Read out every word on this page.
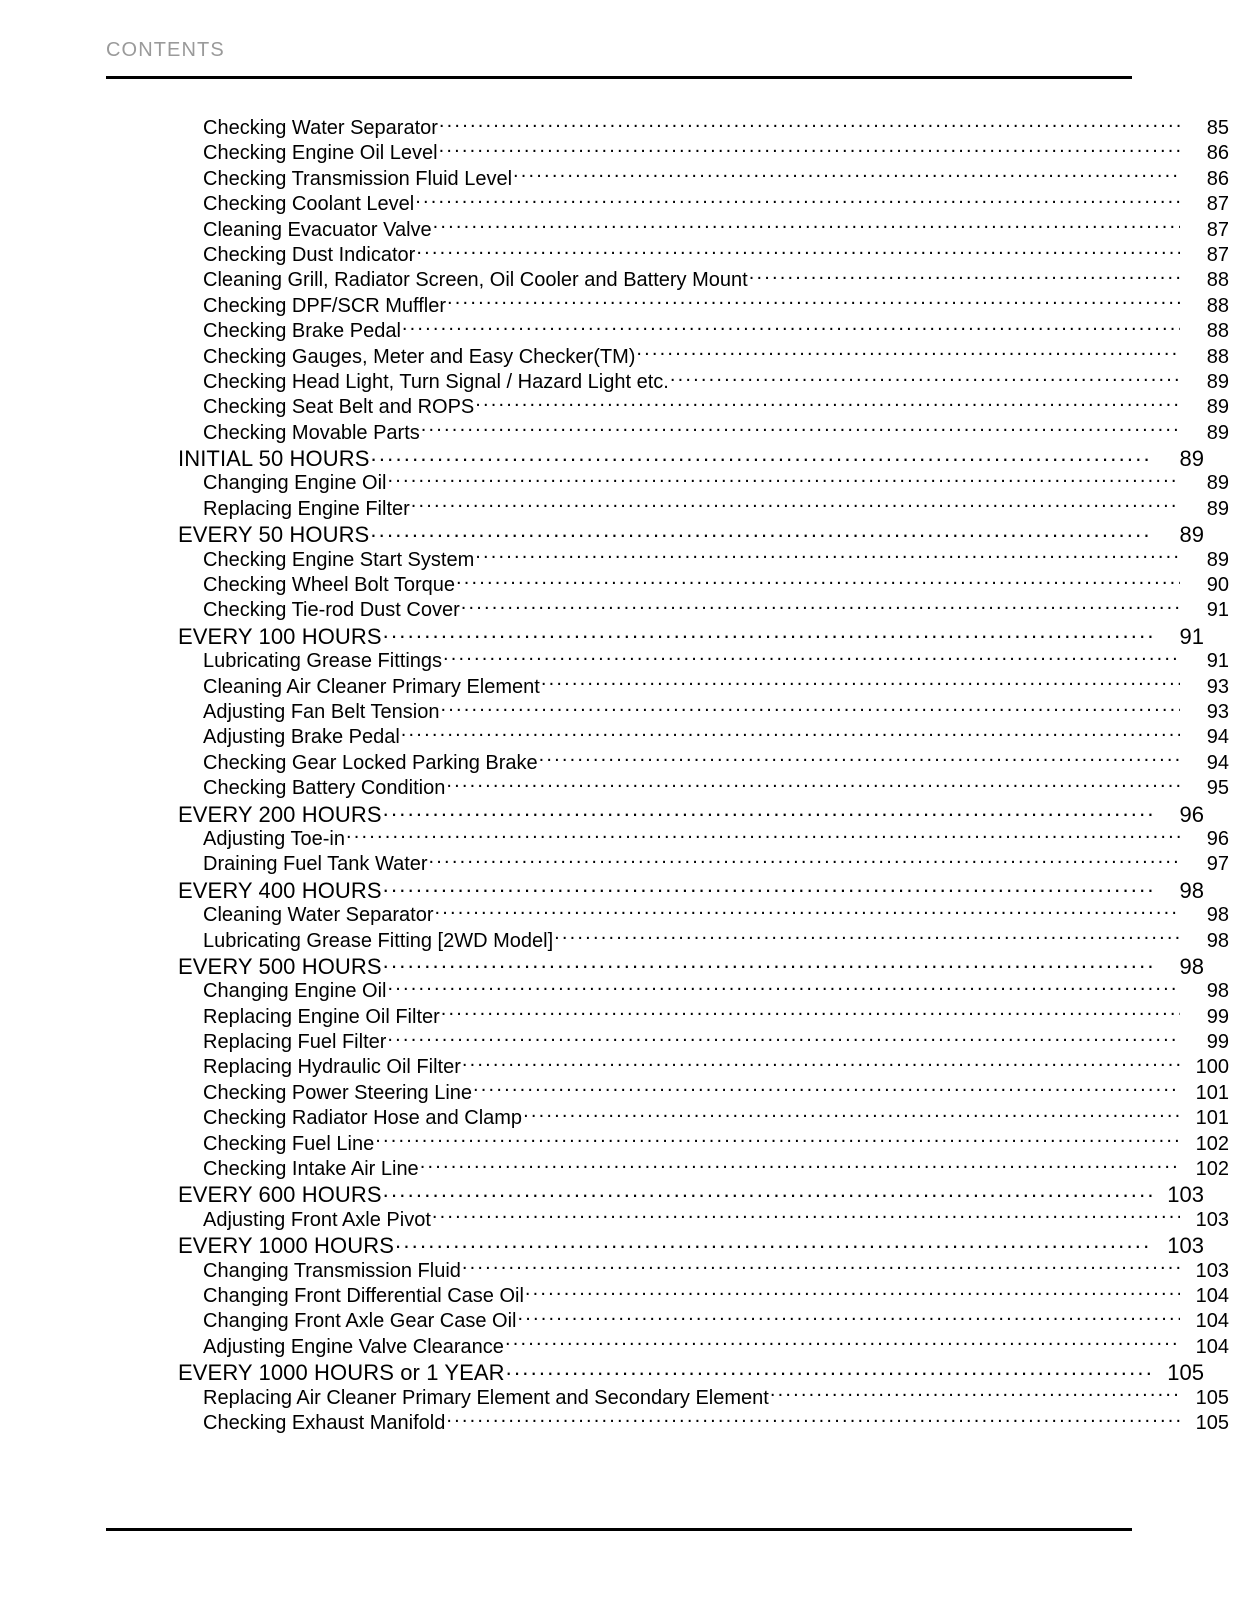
CONTENTS
Checking Water Separator .....	85
Checking Engine Oil Level .....	86
Checking Transmission Fluid Level .....	86
Checking Coolant Level .....	87
Cleaning Evacuator Valve .....	87
Checking Dust Indicator .....	87
Cleaning Grill, Radiator Screen, Oil Cooler and Battery Mount .....	88
Checking DPF/SCR Muffler .....	88
Checking Brake Pedal .....	88
Checking Gauges, Meter and Easy Checker(TM) .....	88
Checking Head Light, Turn Signal / Hazard Light etc. .....	89
Checking Seat Belt and ROPS .....	89
Checking Movable Parts .....	89
INITIAL 50 HOURS .....	89
Changing Engine Oil .....	89
Replacing Engine Filter .....	89
EVERY 50 HOURS .....	89
Checking Engine Start System .....	89
Checking Wheel Bolt Torque .....	90
Checking Tie-rod Dust Cover .....	91
EVERY 100 HOURS .....	91
Lubricating Grease Fittings .....	91
Cleaning Air Cleaner Primary Element .....	93
Adjusting Fan Belt Tension .....	93
Adjusting Brake Pedal .....	94
Checking Gear Locked Parking Brake .....	94
Checking Battery Condition .....	95
EVERY 200 HOURS .....	96
Adjusting Toe-in .....	96
Draining Fuel Tank Water .....	97
EVERY 400 HOURS .....	98
Cleaning Water Separator .....	98
Lubricating Grease Fitting [2WD Model] .....	98
EVERY 500 HOURS .....	98
Changing Engine Oil .....	98
Replacing Engine Oil Filter .....	99
Replacing Fuel Filter .....	99
Replacing Hydraulic Oil Filter .....	100
Checking Power Steering Line .....	101
Checking Radiator Hose and Clamp .....	101
Checking Fuel Line .....	102
Checking Intake Air Line .....	102
EVERY 600 HOURS .....	103
Adjusting Front Axle Pivot .....	103
EVERY 1000 HOURS .....	103
Changing Transmission Fluid .....	103
Changing Front Differential Case Oil .....	104
Changing Front Axle Gear Case Oil .....	104
Adjusting Engine Valve Clearance .....	104
EVERY 1000 HOURS or 1 YEAR .....	105
Replacing Air Cleaner Primary Element and Secondary Element .....	105
Checking Exhaust Manifold .....	105
